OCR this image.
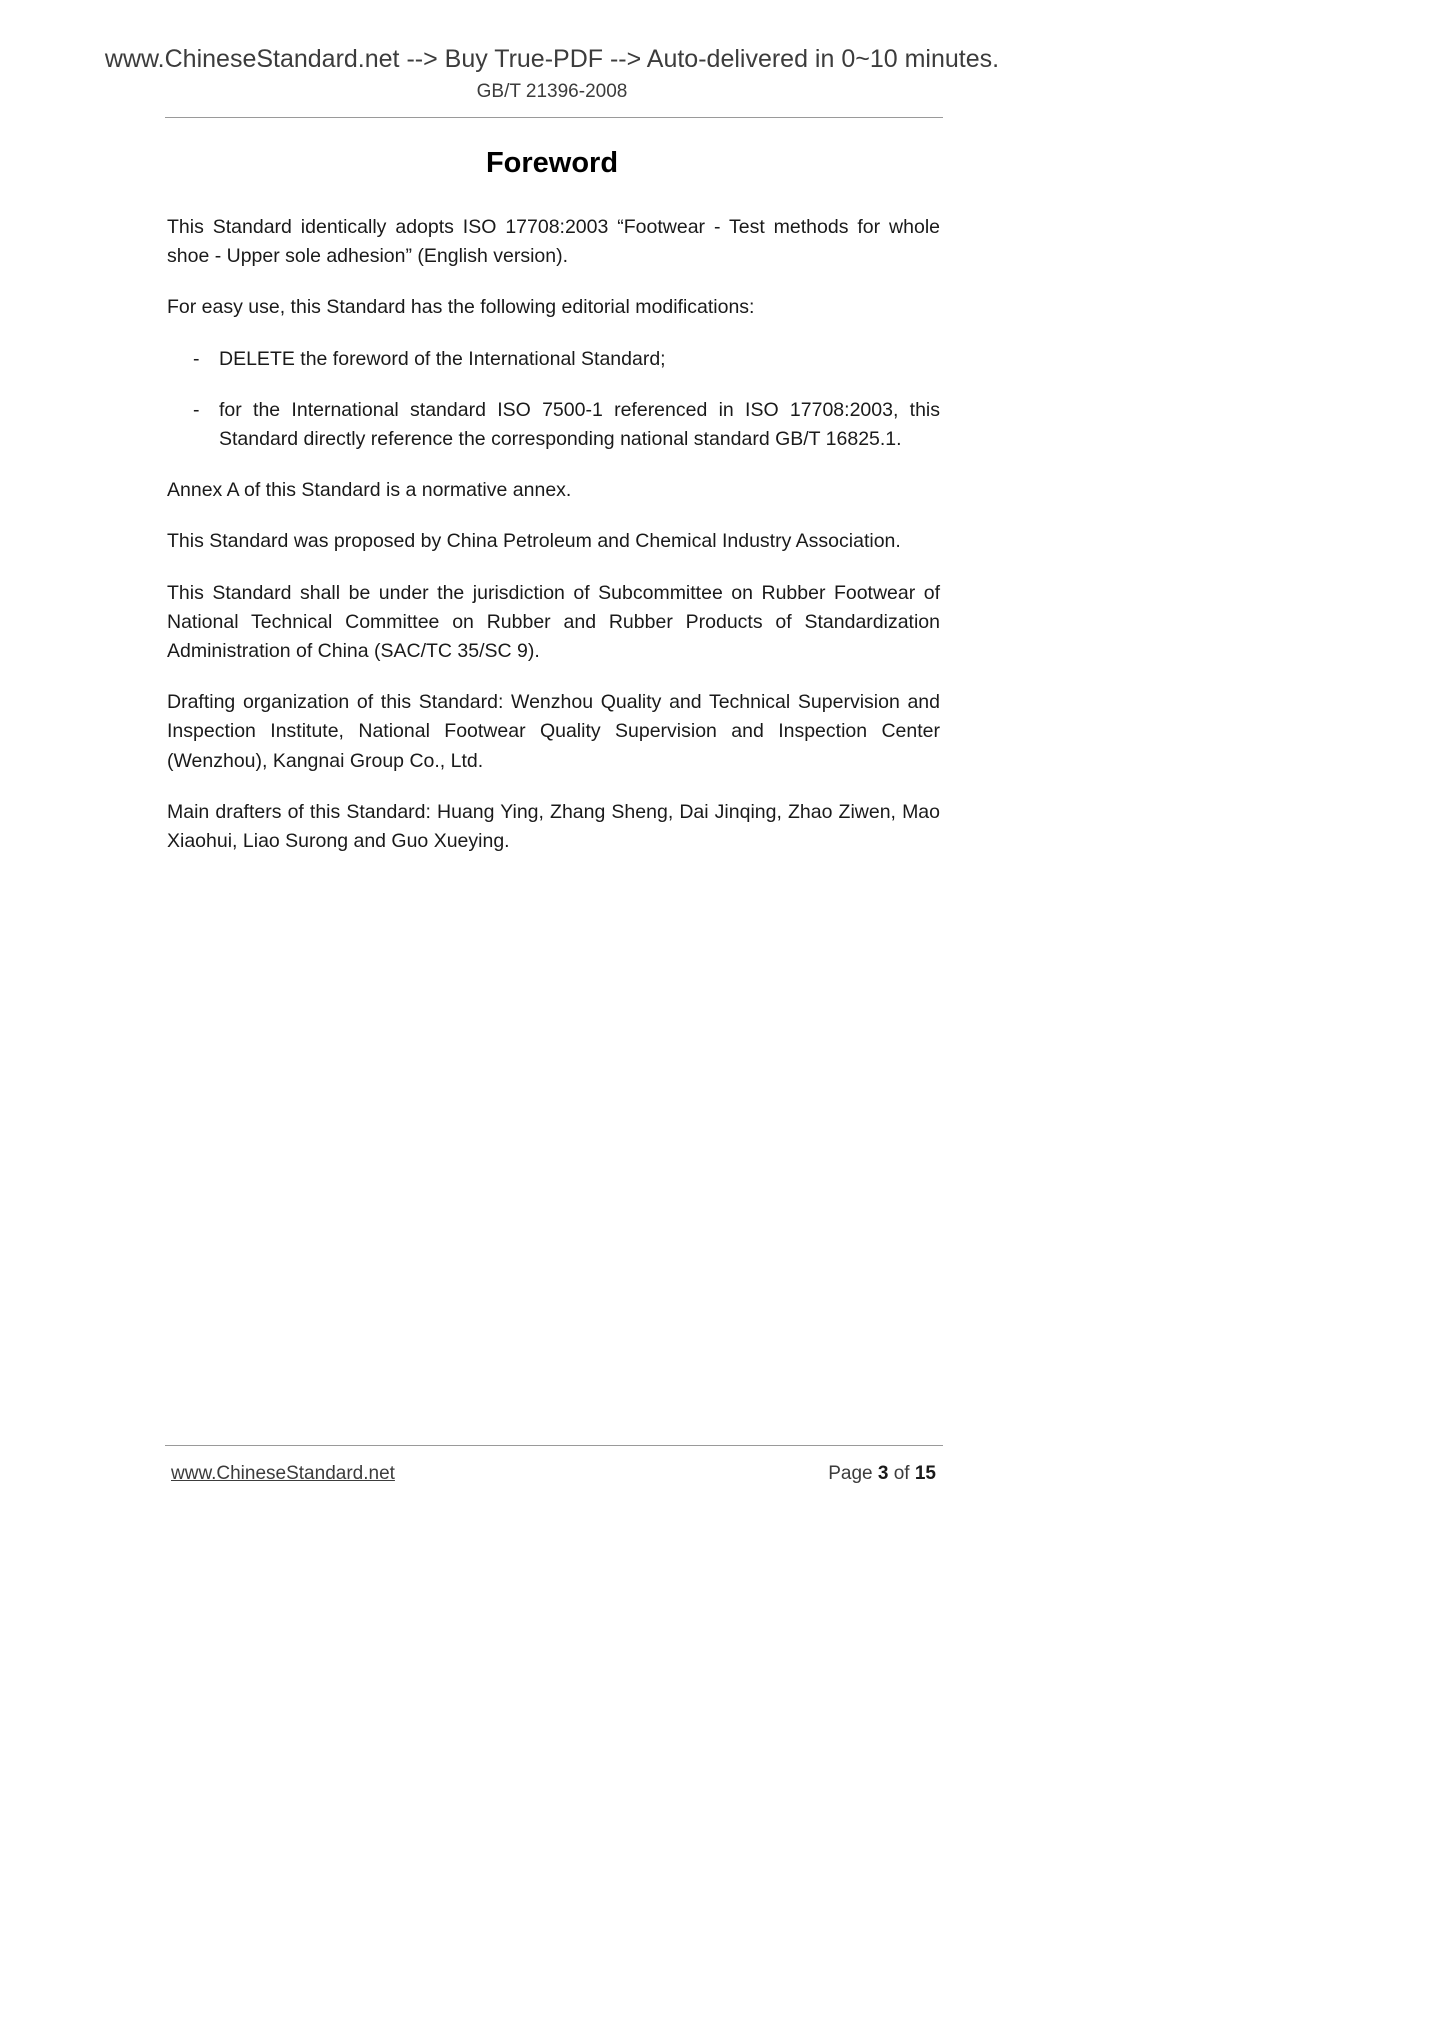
www.ChineseStandard.net --> Buy True-PDF --> Auto-delivered in 0~10 minutes.
GB/T 21396-2008
Foreword

This Standard identically adopts ISO 17708:2003 “Footwear - Test methods for whole shoe - Upper sole adhesion” (English version).

For easy use, this Standard has the following editorial modifications:

- DELETE the foreword of the International Standard;

- for the International standard ISO 7500-1 referenced in ISO 17708:2003, this Standard directly reference the corresponding national standard GB/T 16825.1.

Annex A of this Standard is a normative annex.

This Standard was proposed by China Petroleum and Chemical Industry Association.

This Standard shall be under the jurisdiction of Subcommittee on Rubber Footwear of National Technical Committee on Rubber and Rubber Products of Standardization Administration of China (SAC/TC 35/SC 9).

Drafting organization of this Standard: Wenzhou Quality and Technical Supervision and Inspection Institute, National Footwear Quality Supervision and Inspection Center (Wenzhou), Kangnai Group Co., Ltd.

Main drafters of this Standard: Huang Ying, Zhang Sheng, Dai Jinqing, Zhao Ziwen, Mao Xiaohui, Liao Surong and Guo Xueying.

www.ChineseStandard.net	Page 3 of 15
